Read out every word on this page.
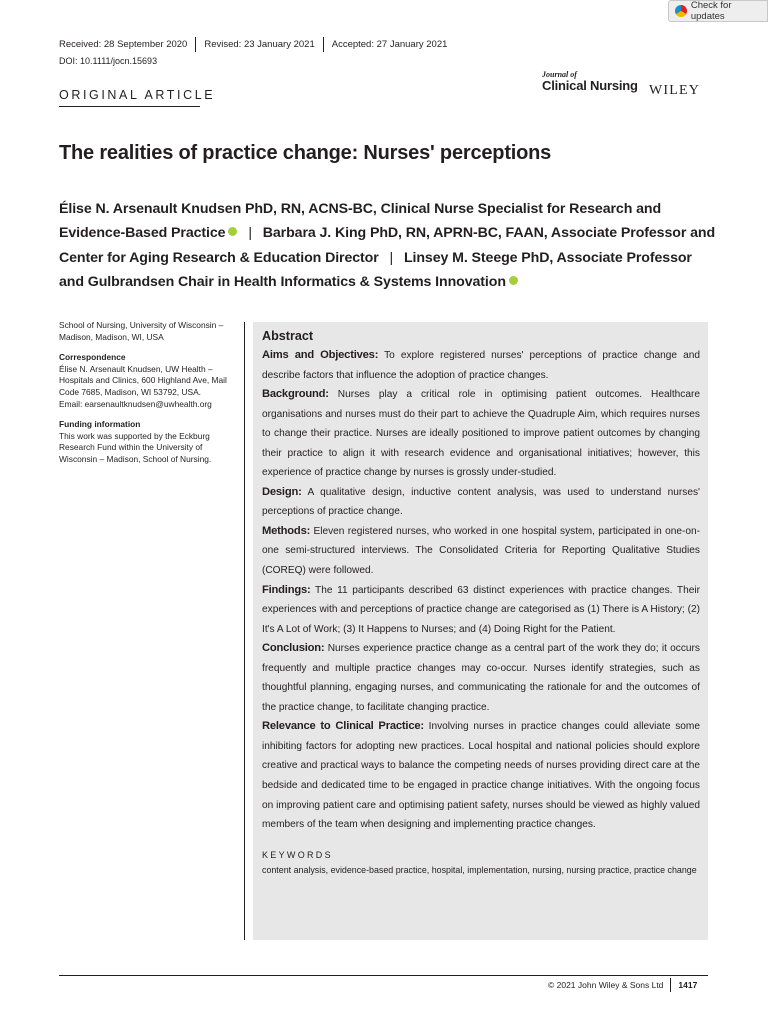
Check for updates
Received: 28 September 2020 Revised: 23 January 2021 Accepted: 27 January 2021
DOI: 10.1111/jocn.15693
ORIGINAL ARTICLE
Journal of
Clinical Nursing WILEY
The realities of practice change: Nurses' perceptions
Élise N. Arsenault Knudsen PhD, RN, ACNS-BC, Clinical Nurse Specialist for Research and Evidence-Based Practice | Barbara J. King PhD, RN, APRN-BC, FAAN, Associate Professor and Center for Aging Research & Education Director | Linsey M. Steege PhD, Associate Professor and Gulbrandsen Chair in Health Informatics & Systems Innovation
School of Nursing, University of Wisconsin – Madison, Madison, WI, USA
Correspondence
Élise N. Arsenault Knudsen, UW Health – Hospitals and Clinics, 600 Highland Ave, Mail Code 7685, Madison, WI 53792, USA.
Email: earsenaultknudsen@uwhealth.org
Funding information
This work was supported by the Eckburg Research Fund within the University of Wisconsin – Madison, School of Nursing.
Abstract

Aims and Objectives: To explore registered nurses' perceptions of practice change and describe factors that influence the adoption of practice changes.

Background: Nurses play a critical role in optimising patient outcomes. Healthcare organisations and nurses must do their part to achieve the Quadruple Aim, which requires nurses to change their practice. Nurses are ideally positioned to improve patient outcomes by changing their practice to align it with research evidence and organisational initiatives; however, this experience of practice change by nurses is grossly under-studied.

Design: A qualitative design, inductive content analysis, was used to understand nurses' perceptions of practice change.

Methods: Eleven registered nurses, who worked in one hospital system, participated in one-on-one semi-structured interviews. The Consolidated Criteria for Reporting Qualitative Studies (COREQ) were followed.

Findings: The 11 participants described 63 distinct experiences with practice changes. Their experiences with and perceptions of practice change are categorised as (1) There is A History; (2) It's A Lot of Work; (3) It Happens to Nurses; and (4) Doing Right for the Patient.

Conclusion: Nurses experience practice change as a central part of the work they do; it occurs frequently and multiple practice changes may co-occur. Nurses identify strategies, such as thoughtful planning, engaging nurses, and communicating the rationale for and the outcomes of the practice change, to facilitate changing practice.

Relevance to Clinical Practice: Involving nurses in practice changes could alleviate some inhibiting factors for adopting new practices. Local hospital and national policies should explore creative and practical ways to balance the competing needs of nurses providing direct care at the bedside and dedicated time to be engaged in practice change initiatives. With the ongoing focus on improving patient care and optimising patient safety, nurses should be viewed as highly valued members of the team when designing and implementing practice changes.

KEYWORDS
content analysis, evidence-based practice, hospital, implementation, nursing, nursing practice, practice change
© 2021 John Wiley & Sons Ltd 1417
